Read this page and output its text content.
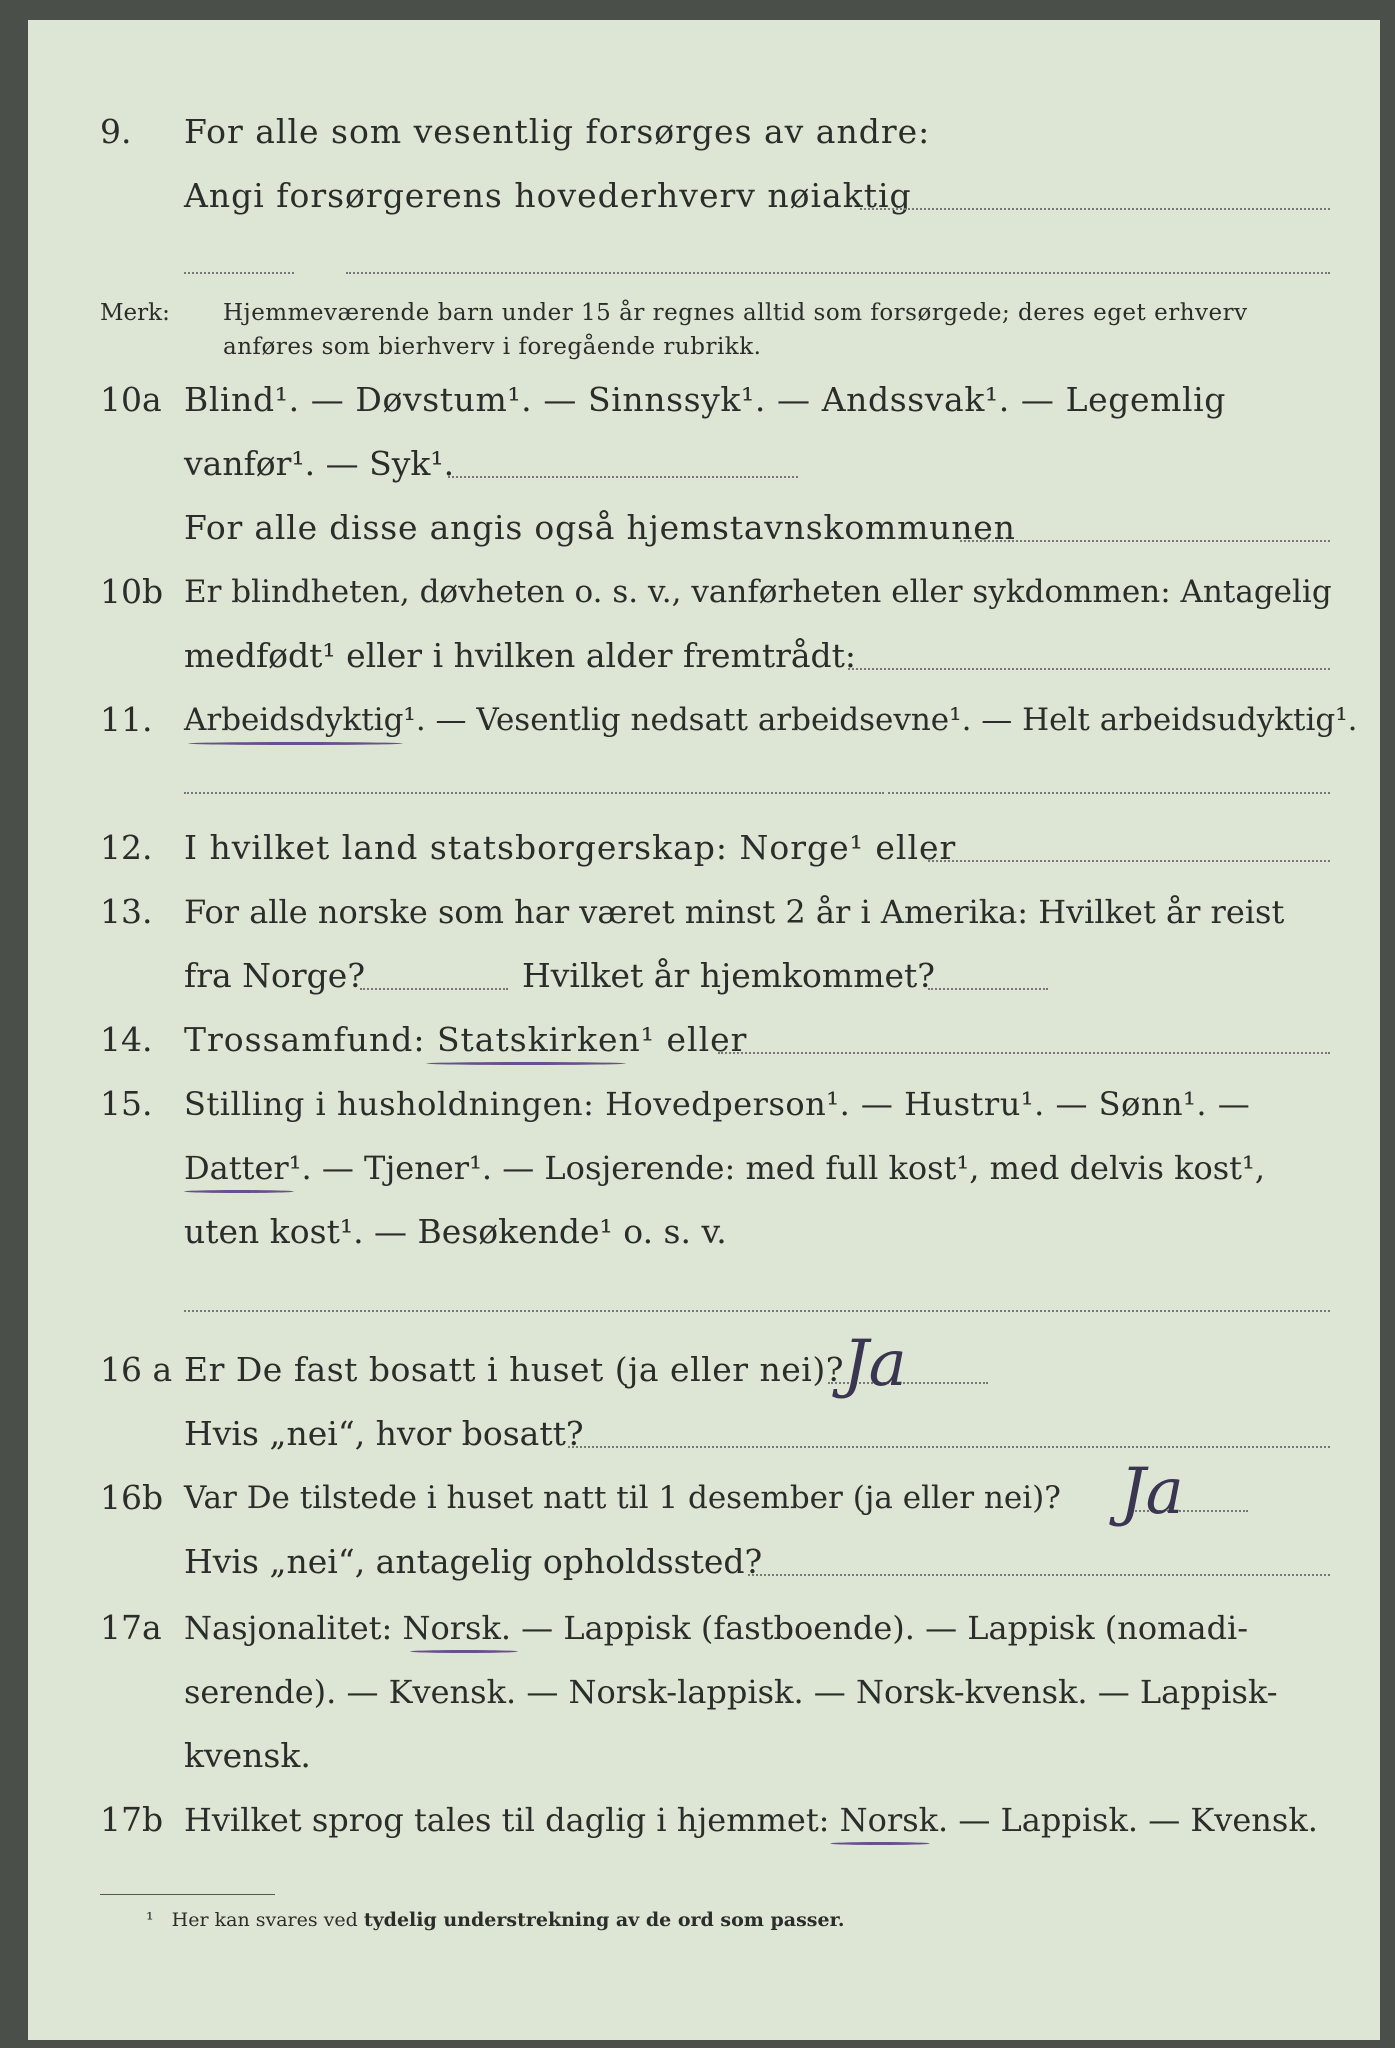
9. For alle som vesentlig forsørges av andre:
Angi forsørgerens hovederhverv nøiaktig
Merk: Hjemmeværende barn under 15 år regnes alltid som forsørgede; deres eget erhverv
anføres som bierhverv i foregående rubrikk.
10a Blind¹. — Døvstum¹. — Sinnssyk¹. — Andssvak¹. — Legemlig
vanfør¹. — Syk¹.
For alle disse angis også hjemstavnskommunen
10b Er blindheten, døvheten o. s. v., vanførheten eller sykdommen: Antagelig
medfødt¹ eller i hvilken alder fremtrådt:
11. Arbeidsdyktig¹. — Vesentlig nedsatt arbeidsevne¹. — Helt arbeidsudyktig¹.
12. I hvilket land statsborgerskap: Norge¹ eller
13. For alle norske som har været minst 2 år i Amerika: Hvilket år reist
fra Norge?	Hvilket år hjemkommet?
14. Trossamfund: Statskirken¹ eller
15. Stilling i husholdningen: Hovedperson¹. — Hustru¹. — Sønn¹. —
Datter¹. — Tjener¹. — Losjerende: med full kost¹, med delvis kost¹,
uten kost¹. — Besøkende¹ o. s. v.
16 a Er De fast bosatt i huset (ja eller nei)? Ja
Hvis „nei“, hvor bosatt?
16b Var De tilstede i huset natt til 1 desember (ja eller nei)? Ja
Hvis „nei“, antagelig opholdssted?
17a Nasjonalitet: Norsk. — Lappisk (fastboende). — Lappisk (nomadi-
serende). — Kvensk. — Norsk-lappisk. — Norsk-kvensk. — Lappisk-
kvensk.
17b Hvilket sprog tales til daglig i hjemmet: Norsk. — Lappisk. — Kvensk.
¹ Her kan svares ved tydelig understrekning av de ord som passer.
